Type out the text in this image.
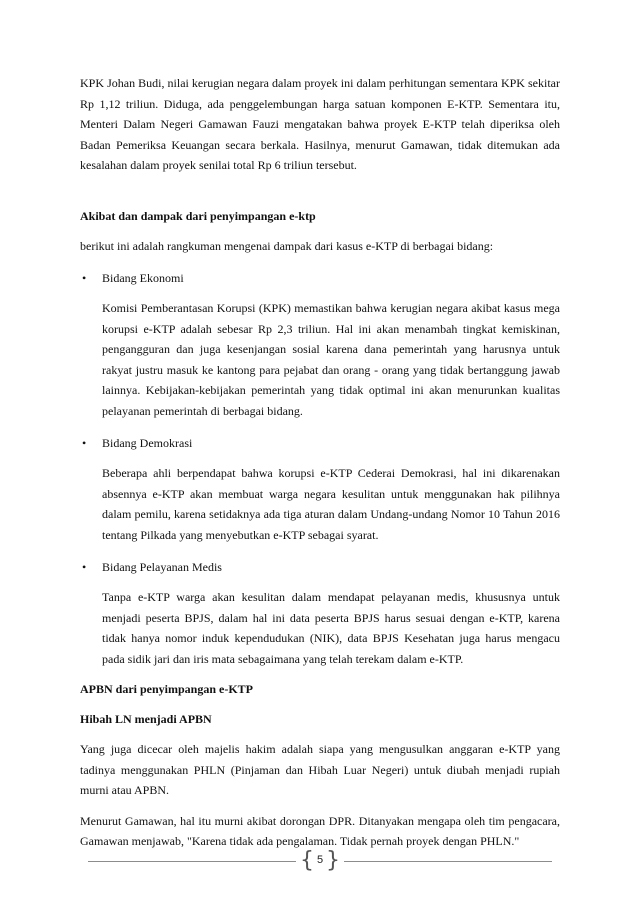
KPK Johan Budi, nilai kerugian negara dalam proyek ini dalam perhitungan sementara KPK sekitar Rp 1,12 triliun. Diduga, ada penggelembungan harga satuan komponen E-KTP. Sementara itu, Menteri Dalam Negeri Gamawan Fauzi mengatakan bahwa proyek E-KTP telah diperiksa oleh Badan Pemeriksa Keuangan secara berkala. Hasilnya, menurut Gamawan, tidak ditemukan ada kesalahan dalam proyek senilai total Rp 6 triliun tersebut.

Akibat dan dampak dari penyimpangan e-ktp

berikut ini adalah rangkuman mengenai dampak dari kasus e-KTP di berbagai bidang:

• Bidang Ekonomi

Komisi Pemberantasan Korupsi (KPK) memastikan bahwa kerugian negara akibat kasus mega korupsi e-KTP adalah sebesar Rp 2,3 triliun. Hal ini akan menambah tingkat kemiskinan, pengangguran dan juga kesenjangan sosial karena dana pemerintah yang harusnya untuk rakyat justru masuk ke kantong para pejabat dan orang - orang yang tidak bertanggung jawab lainnya. Kebijakan-kebijakan pemerintah yang tidak optimal ini akan menurunkan kualitas pelayanan pemerintah di berbagai bidang.

• Bidang Demokrasi

Beberapa ahli berpendapat bahwa korupsi e-KTP Cederai Demokrasi, hal ini dikarenakan absennya e-KTP akan membuat warga negara kesulitan untuk menggunakan hak pilihnya dalam pemilu, karena setidaknya ada tiga aturan dalam Undang-undang Nomor 10 Tahun 2016 tentang Pilkada yang menyebutkan e-KTP sebagai syarat.

• Bidang Pelayanan Medis

Tanpa e-KTP warga akan kesulitan dalam mendapat pelayanan medis, khususnya untuk menjadi peserta BPJS, dalam hal ini data peserta BPJS harus sesuai dengan e-KTP, karena tidak hanya nomor induk kependudukan (NIK), data BPJS Kesehatan juga harus mengacu pada sidik jari dan iris mata sebagaimana yang telah terekam dalam e-KTP.

APBN dari penyimpangan e-KTP
Hibah LN menjadi APBN

Yang juga dicecar oleh majelis hakim adalah siapa yang mengusulkan anggaran e-KTP yang tadinya menggunakan PHLN (Pinjaman dan Hibah Luar Negeri) untuk diubah menjadi rupiah murni atau APBN.

Menurut Gamawan, hal itu murni akibat dorongan DPR. Ditanyakan mengapa oleh tim pengacara, Gamawan menjawab, "Karena tidak ada pengalaman. Tidak pernah proyek dengan PHLN."

{ 5 }
